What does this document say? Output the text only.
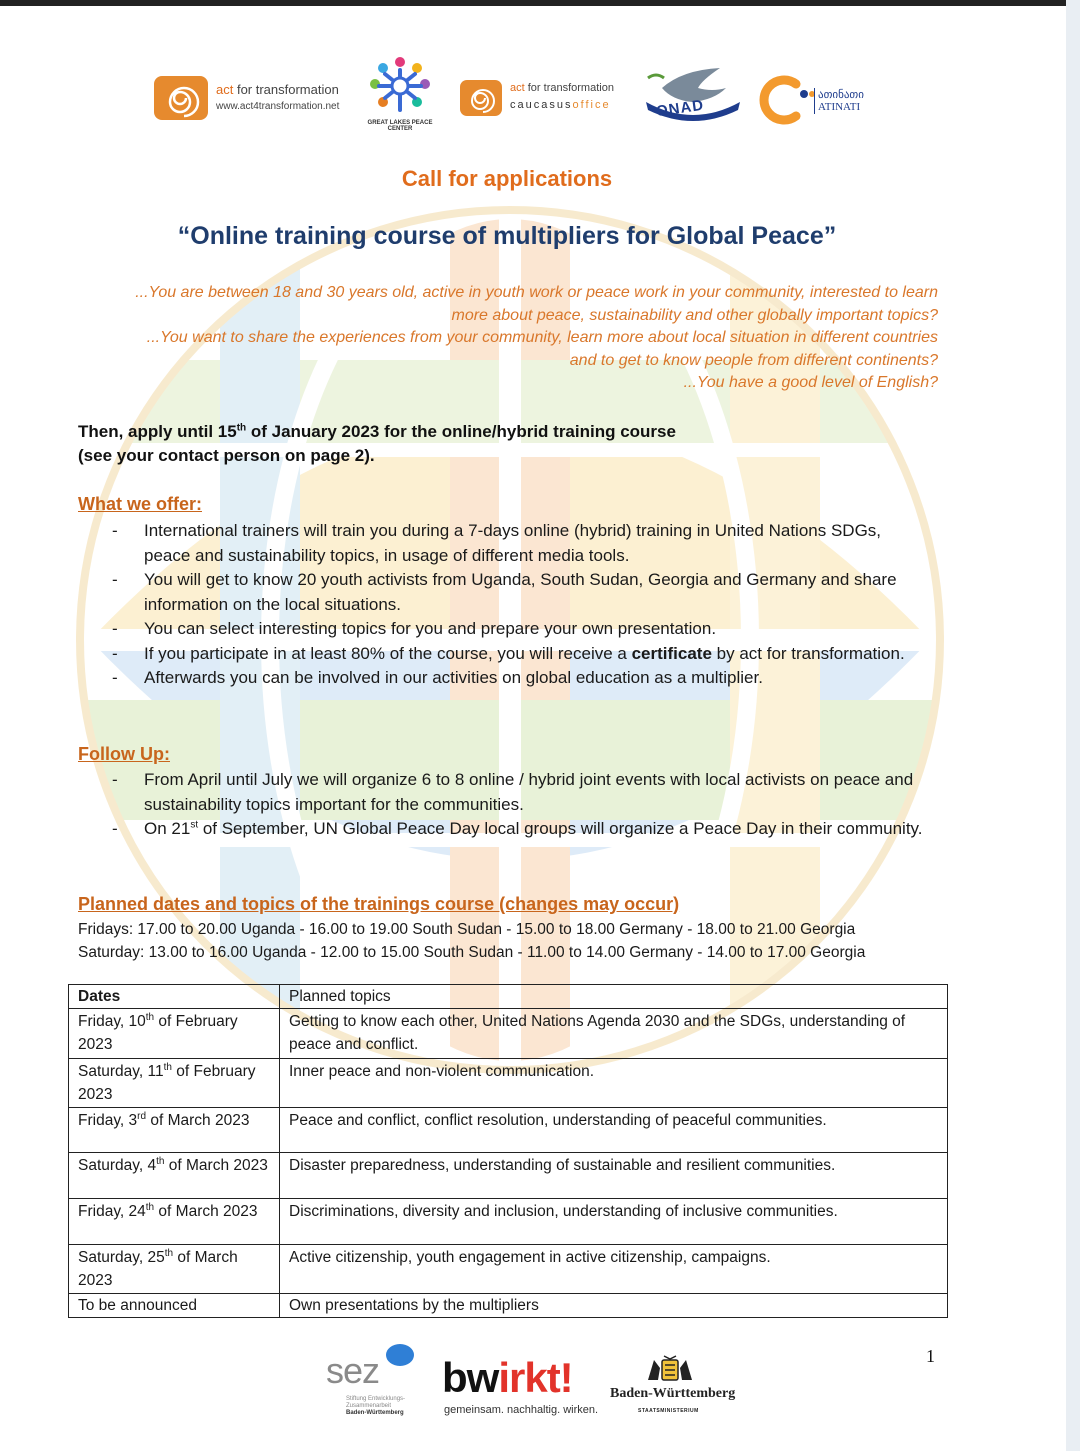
act for transformation
www.act4transformation.net
GREAT LAKES PEACE CENTER
act for transformation
caucasusoffice	ONAD
ათინათი
ATINATI
Call for applications
“Online training course of multipliers for Global Peace”
...You are between 18 and 30 years old, active in youth work or peace work in your community, interested to learn
more about peace, sustainability and other globally important topics?
...You want to share the experiences from your community, learn more about local situation in different countries
and to get to know people from different continents?
...You have a good level of English?
Then, apply until 15th of January 2023 for the online/hybrid training course
(see your contact person on page 2).
What we offer:
- International trainers will train you during a 7-days online (hybrid) training in United Nations SDGs, peace and sustainability topics, in usage of different media tools.
- You will get to know 20 youth activists from Uganda, South Sudan, Georgia and Germany and share information on the local situations.
- You can select interesting topics for you and prepare your own presentation.
- If you participate in at least 80% of the course, you will receive a certificate by act for transformation.
- Afterwards you can be involved in our activities on global education as a multiplier.
Follow Up:
- From April until July we will organize 6 to 8 online / hybrid joint events with local activists on peace and sustainability topics important for the communities.
- On 21st of September, UN Global Peace Day local groups will organize a Peace Day in their community.
Planned dates and topics of the trainings course (changes may occur)
Fridays: 17.00 to 20.00 Uganda - 16.00 to 19.00 South Sudan - 15.00 to 18.00 Germany - 18.00 to 21.00 Georgia
Saturday: 13.00 to 16.00 Uganda - 12.00 to 15.00 South Sudan - 11.00 to 14.00 Germany - 14.00 to 17.00 Georgia
Dates	Planned topics
Friday, 10th of February 2023	Getting to know each other, United Nations Agenda 2030 and the SDGs, understanding of peace and conflict.
Saturday, 11th of February 2023	Inner peace and non-violent communication.
Friday, 3rd of March 2023	Peace and conflict, conflict resolution, understanding of peaceful communities.
Saturday, 4th of March 2023	Disaster preparedness, understanding of sustainable and resilient communities.
Friday, 24th of March 2023	Discriminations, diversity and inclusion, understanding of inclusive communities.
Saturday, 25th of March 2023	Active citizenship, youth engagement in active citizenship, campaigns.
To be announced	Own presentations by the multipliers
sez
Stiftung Entwicklungs-
Zusammenarbeit
Baden-Württemberg
bwirkt!
gemeinsam. nachhaltig. wirken.
Baden-Württemberg
STAATSMINISTERIUM
1
